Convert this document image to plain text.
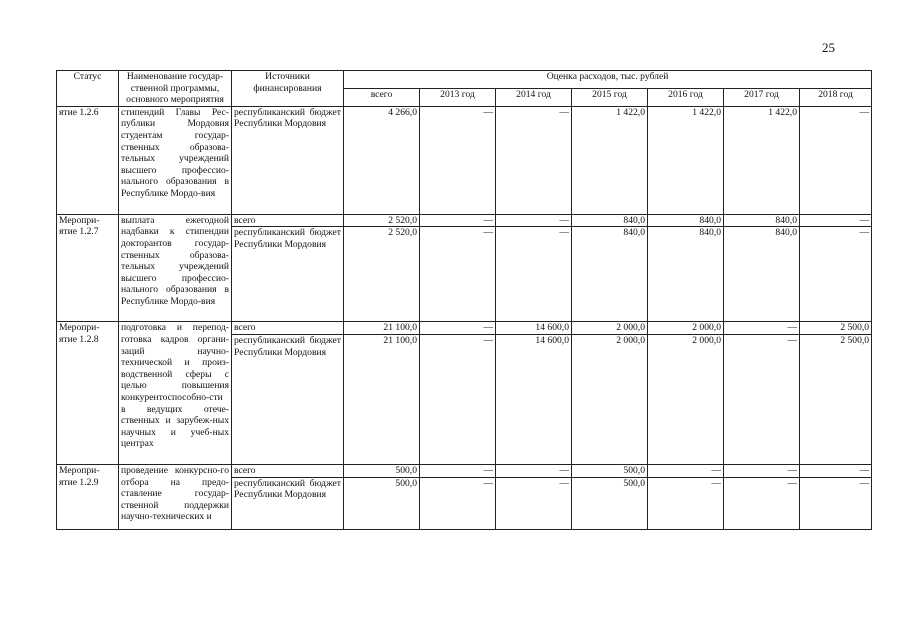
25
Статус	Наименование государ-ственной программы, основного мероприятия	Источники финансирования	Оценка расходов, тыс. рублей						
			всего	2013 год	2014 год	2015 год	2016 год	2017 год	2018 год
ятие 1.2.6	стипендий Главы Рес-публики Мордовия студентам государ-ственных образова-тельных учреждений высшего профессио-нального образования в Республике Мордо-вия	республиканский бюджет Республики Мордовия	4 266,0	—	—	1 422,0	1 422,0	1 422,0	—
Меропри-ятие 1.2.7	выплата ежегодной надбавки к стипендии докторантов государ-ственных образова-тельных учреждений высшего профессио-нального образования в Республике Мордо-вия	всего	2 520,0	—	—	840,0	840,0	840,0	—
		республиканский бюджет Республики Мордовия	2 520,0	—	—	840,0	840,0	840,0	—
Меропри-ятие 1.2.8	подготовка и перепод-готовка кадров органи-заций научно-технической и произ-водственной сферы с целью повышения конкурентоспособно-сти в ведущих отече-ственных и зарубеж-ных научных и учеб-ных центрах	всего	21 100,0	—	14 600,0	2 000,0	2 000,0	—	2 500,0
		республиканский бюджет Республики Мордовия	21 100,0	—	14 600,0	2 000,0	2 000,0	—	2 500,0
Меропри-ятие 1.2.9	проведение конкурсно-го отбора на предо-ставление государ-ственной поддержки научно-технических и	всего	500,0	—	—	500,0	—	—	—
		республиканский бюджет Республики Мордовия	500,0	—	—	500,0	—	—	—
